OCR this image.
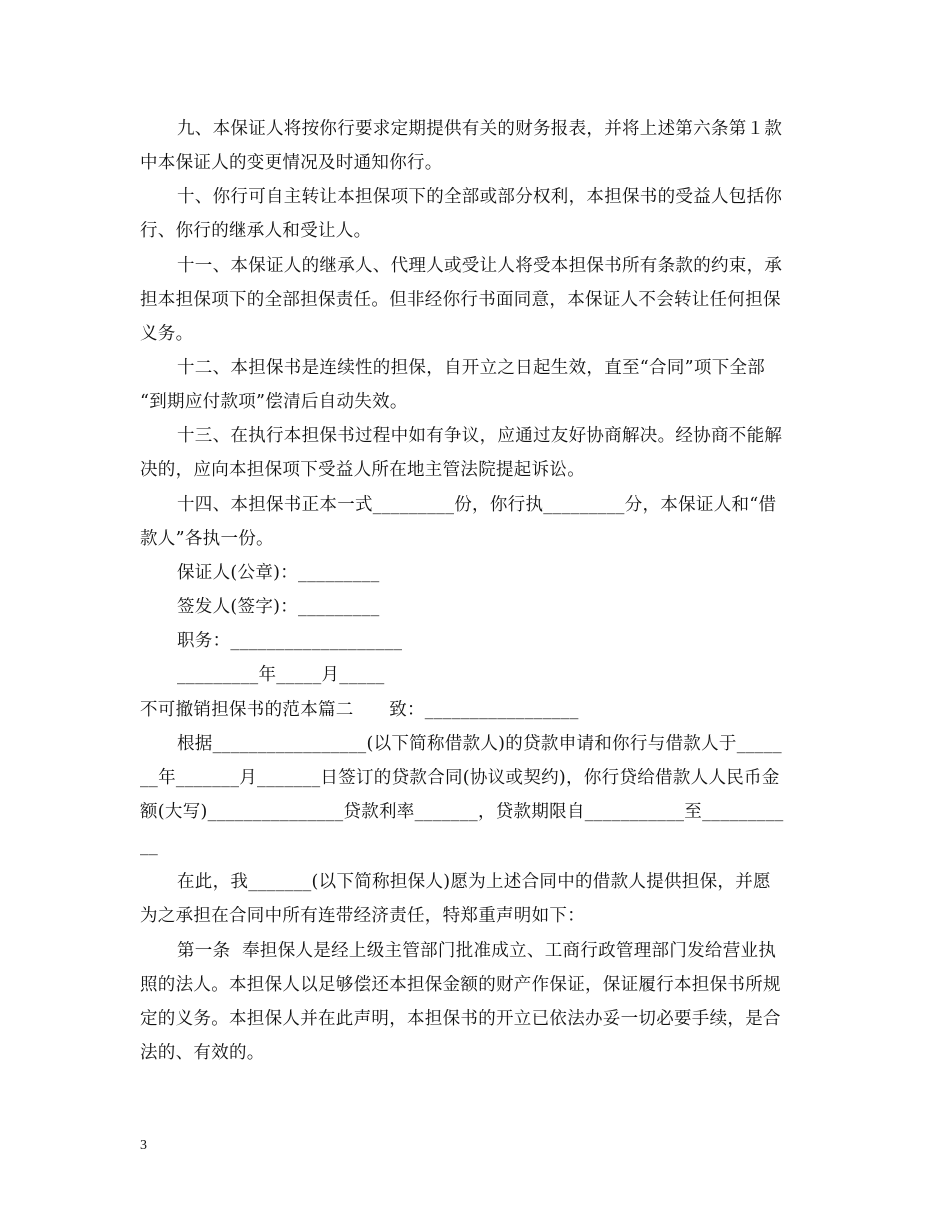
九、本保证人将按你行要求定期提供有关的财务报表，并将上述第六条第１款
中本保证人的变更情况及时通知你行。
十、你行可自主转让本担保项下的全部或部分权利，本担保书的受益人包括你
行、你行的继承人和受让人。
十一、本保证人的继承人、代理人或受让人将受本担保书所有条款的约束，承
担本担保项下的全部担保责任。但非经你行书面同意，本保证人不会转让任何担保
义务。
十二、本担保书是连续性的担保，自开立之日起生效，直至“合同”项下全部
“到期应付款项”偿清后自动失效。
十三、在执行本担保书过程中如有争议，应通过友好协商解决。经协商不能解
决的，应向本担保项下受益人所在地主管法院提起诉讼。
十四、本担保书正本一式_________份，你行执_________分，本保证人和“借
款人”各执一份。
保证人(公章)：_________
签发人(签字)：_________
职务：___________________
_________年_____月_____
不可撤销担保书的范本篇二　　致：_________________
根据_________________(以下简称借款人)的贷款申请和你行与借款人于_____
__年_______月_______日签订的贷款合同(协议或契约)，你行贷给借款人人民币金
额(大写)_______________贷款利率_______，贷款期限自___________至_________
__
在此，我_______(以下简称担保人)愿为上述合同中的借款人提供担保，并愿
为之承担在合同中所有连带经济责任，特郑重声明如下：
第一条  奉担保人是经上级主管部门批准成立、工商行政管理部门发给营业执
照的法人。本担保人以足够偿还本担保金额的财产作保证，保证履行本担保书所规
定的义务。本担保人并在此声明，本担保书的开立已依法办妥一切必要手续，是合
法的、有效的。
3
